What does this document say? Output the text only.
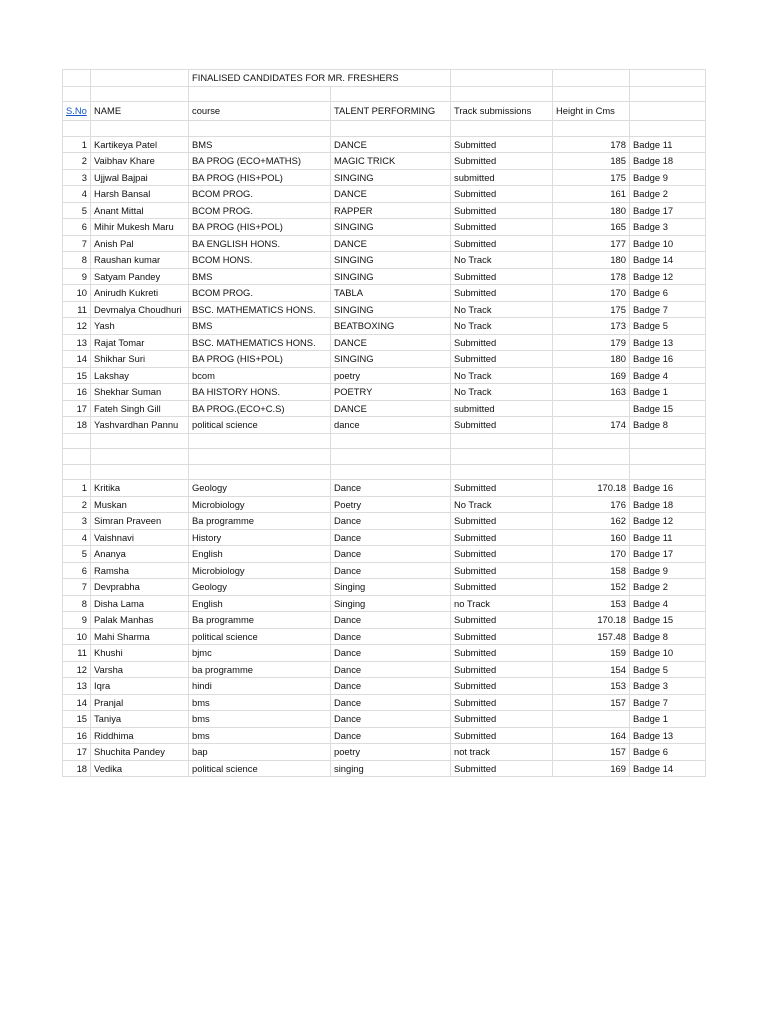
		FINALISED CANDIDATES FOR MR. FRESHERS				

S.No	NAME	course	TALENT PERFORMING	Track submissions	Height in Cms	

1	Kartikeya Patel	BMS	DANCE	Submitted	178	Badge 11
2	Vaibhav Khare	BA PROG (ECO+MATHS)	MAGIC TRICK	Submitted	185	Badge 18
3	Ujjwal Bajpai	BA PROG (HIS+POL)	SINGING	submitted	175	Badge 9
4	Harsh Bansal	BCOM PROG.	DANCE	Submitted	161	Badge 2
5	Anant Mittal	BCOM PROG.	RAPPER	Submitted	180	Badge 17
6	Mihir Mukesh Maru	BA PROG (HIS+POL)	SINGING	Submitted	165	Badge 3
7	Anish Pal	BA ENGLISH HONS.	DANCE	Submitted	177	Badge 10
8	Raushan kumar	BCOM HONS.	SINGING	No Track	180	Badge 14
9	Satyam Pandey	BMS	SINGING	Submitted	178	Badge 12
10	Anirudh Kukreti	BCOM PROG.	TABLA	Submitted	170	Badge 6
11	Devmalya Choudhuri	BSC. MATHEMATICS HONS.	SINGING	No Track	175	Badge 7
12	Yash	BMS	BEATBOXING	No Track	173	Badge 5
13	Rajat Tomar	BSC. MATHEMATICS HONS.	DANCE	Submitted	179	Badge 13
14	Shikhar Suri	BA PROG (HIS+POL)	SINGING	Submitted	180	Badge 16
15	Lakshay	bcom	poetry	No Track	169	Badge 4
16	Shekhar Suman	BA HISTORY HONS.	POETRY	No Track	163	Badge 1
17	Fateh Singh Gill	BA PROG.(ECO+C.S)	DANCE	submitted		Badge 15
18	Yashvardhan Pannu	political science	dance	Submitted	174	Badge 8

1	Kritika	Geology	Dance	Submitted	170.18	Badge 16
2	Muskan	Microbiology	Poetry	No Track	176	Badge 18
3	Simran Praveen	Ba programme	Dance	Submitted	162	Badge 12
4	Vaishnavi	History	Dance	Submitted	160	Badge 11
5	Ananya	English	Dance	Submitted	170	Badge 17
6	Ramsha	Microbiology	Dance	Submitted	158	Badge 9
7	Devprabha	Geology	Singing	Submitted	152	Badge 2
8	Disha Lama	English	Singing	no Track	153	Badge 4
9	Palak Manhas	Ba programme	Dance	Submitted	170.18	Badge 15
10	Mahi Sharma	political science	Dance	Submitted	157.48	Badge 8
11	Khushi	bjmc	Dance	Submitted	159	Badge 10
12	Varsha	ba programme	Dance	Submitted	154	Badge 5
13	Iqra	hindi	Dance	Submitted	153	Badge 3
14	Pranjal	bms	Dance	Submitted	157	Badge 7
15	Taniya	bms	Dance	Submitted		Badge 1
16	Riddhima	bms	Dance	Submitted	164	Badge 13
17	Shuchita Pandey	bap	poetry	not track	157	Badge 6
18	Vedika	political science	singing	Submitted	169	Badge 14
